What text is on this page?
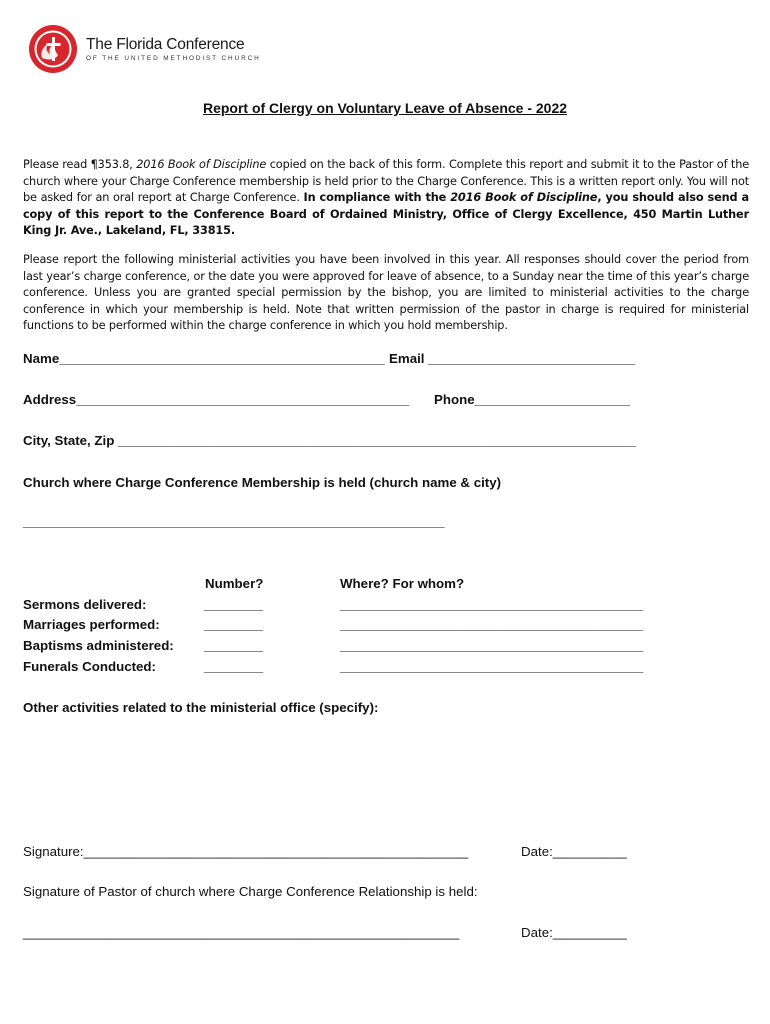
The Florida Conference
OF THE UNITED METHODIST CHURCH
Report of Clergy on Voluntary Leave of Absence - 2022
Please read ¶353.8, 2016 Book of Discipline copied on the back of this form. Complete this report and submit it to the Pastor of the church where your Charge Conference membership is held prior to the Charge Conference. This is a written report only. You will not be asked for an oral report at Charge Conference. In compliance with the 2016 Book of Discipline, you should also send a copy of this report to the Conference Board of Ordained Ministry, Office of Clergy Excellence, 450 Martin Luther King Jr. Ave., Lakeland, FL, 33815.
Please report the following ministerial activities you have been involved in this year. All responses should cover the period from last year’s charge conference, or the date you were approved for leave of absence, to a Sunday near the time of this year’s charge conference. Unless you are granted special permission by the bishop, you are limited to ministerial activities to the charge conference in which your membership is held. Note that written permission of the pastor in charge is required for ministerial functions to be performed within the charge conference in which you hold membership.
Name____________________________________________ Email ____________________________
Address_____________________________________________ Phone_____________________
City, State, Zip ______________________________________________________________________
Church where Charge Conference Membership is held (church name & city)
_________________________________________________________
Number?	Where? For whom?
Sermons delivered:	________	_________________________________________
Marriages performed:	________	_________________________________________
Baptisms administered: ________	_________________________________________
Funerals Conducted:	________	_________________________________________
Other activities related to the ministerial office (specify):
Signature:____________________________________________________	Date:__________
Signature of Pastor of church where Charge Conference Relationship is held:
___________________________________________________________	Date:__________
